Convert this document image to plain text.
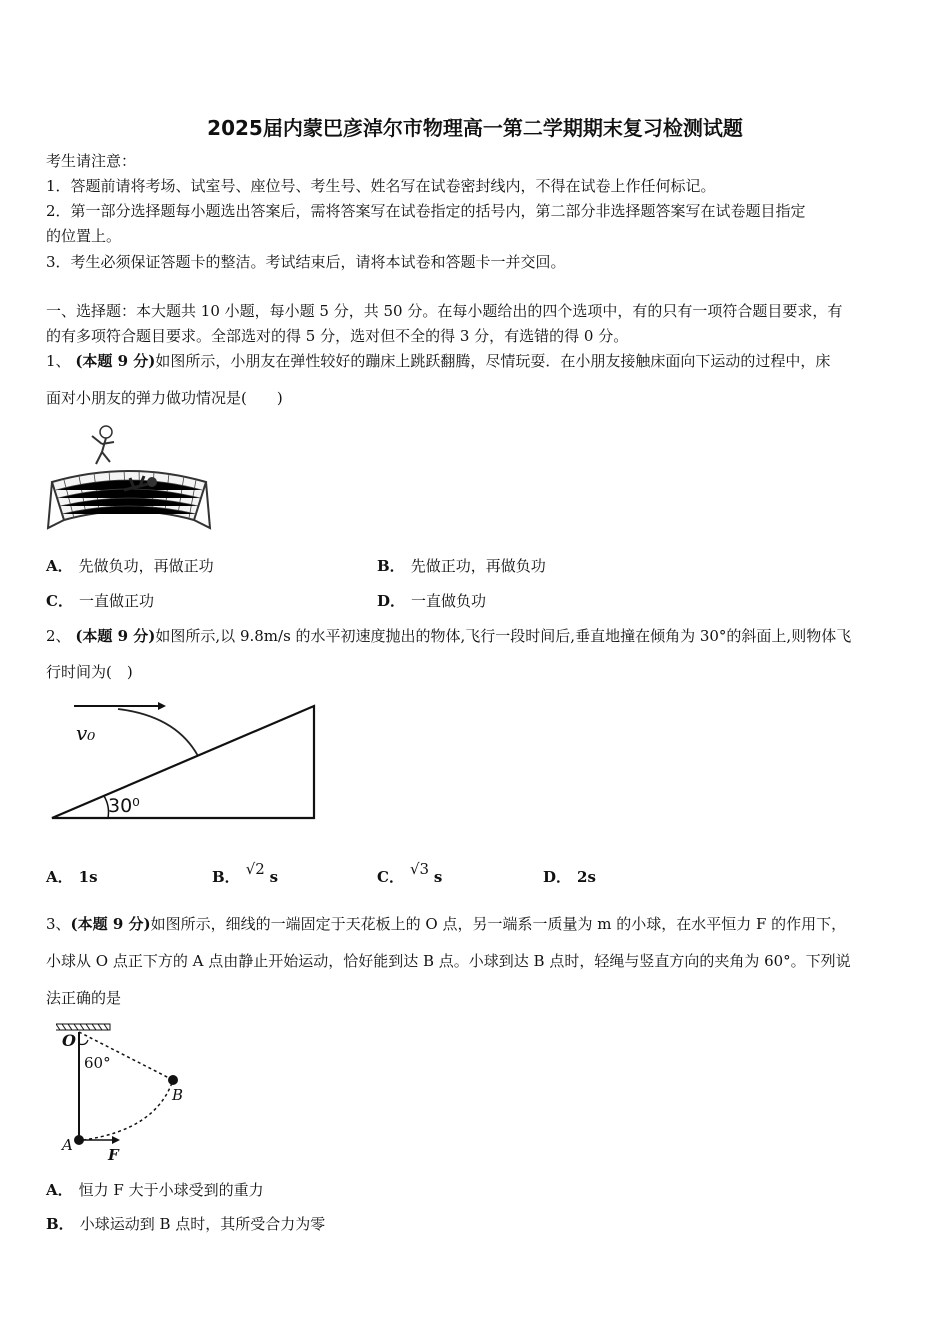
2025届内蒙巴彦淖尔市物理高一第二学期期末复习检测试题
考生请注意：
1．答题前请将考场、试室号、座位号、考生号、姓名写在试卷密封线内，不得在试卷上作任何标记。
2．第一部分选择题每小题选出答案后，需将答案写在试卷指定的括号内，第二部分非选择题答案写在试卷题目指定
的位置上。
3．考生必须保证答题卡的整洁。考试结束后，请将本试卷和答题卡一并交回。
一、选择题：本大题共 10 小题，每小题 5 分，共 50 分。在每小题给出的四个选项中，有的只有一项符合题目要求，有
的有多项符合题目要求。全部选对的得 5 分，选对但不全的得 3 分，有选错的得 0 分。
1、 (本题 9 分)如图所示，小朋友在弹性较好的蹦床上跳跃翻腾，尽情玩耍．在小朋友接触床面向下运动的过程中，床
面对小朋友的弹力做功情况是(　　)
A． 先做负功，再做正功	B． 先做正功，再做负功
C． 一直做正功	D． 一直做负功
2、 (本题 9 分)如图所示,以 9.8m/s 的水平初速度抛出的物体,飞行一段时间后,垂直地撞在倾角为 30°的斜面上,则物体飞
行时间为(　)
v₀
30⁰
A． 1s	B． √2 s	C． √3 s	D． 2s
3、(本题 9 分)如图所示，细线的一端固定于天花板上的 O 点，另一端系一质量为 m 的小球，在水平恒力 F 的作用下，
小球从 O 点正下方的 A 点由静止开始运动，恰好能到达 B 点。小球到达 B 点时，轻绳与竖直方向的夹角为 60°。下列说
法正确的是
O
60°
B
A
F
A． 恒力 F 大于小球受到的重力
B． 小球运动到 B 点时，其所受合力为零
